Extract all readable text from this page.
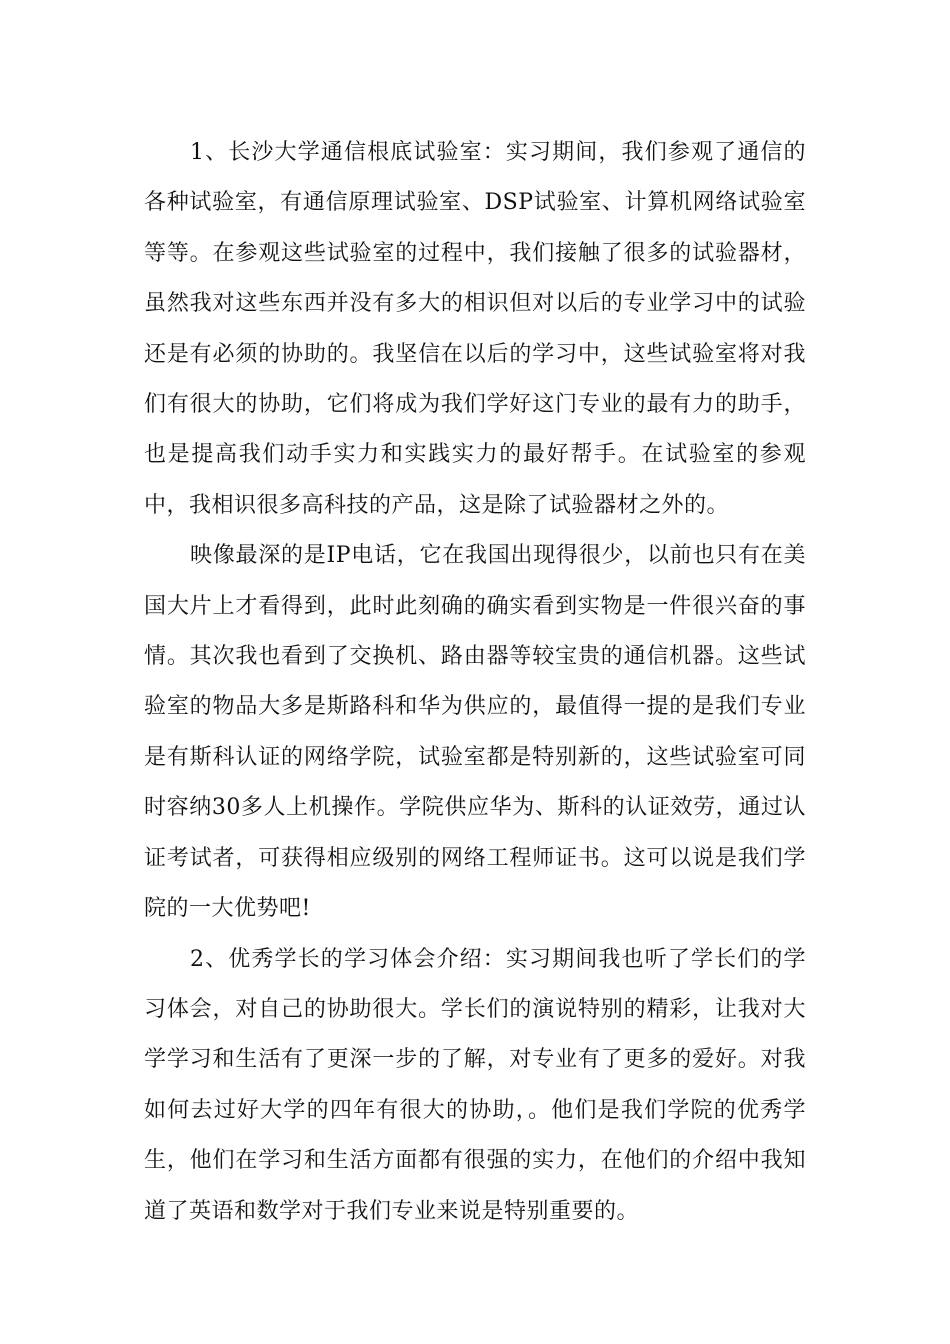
1、长沙大学通信根底试验室：实习期间，我们参观了通信的各种试验室，有通信原理试验室、DSP试验室、计算机网络试验室等等。在参观这些试验室的过程中，我们接触了很多的试验器材，虽然我对这些东西并没有多大的相识但对以后的专业学习中的试验还是有必须的协助的。我坚信在以后的学习中，这些试验室将对我们有很大的协助，它们将成为我们学好这门专业的最有力的助手，也是提高我们动手实力和实践实力的最好帮手。在试验室的参观中，我相识很多高科技的产品，这是除了试验器材之外的。

映像最深的是IP电话，它在我国出现得很少，以前也只有在美国大片上才看得到，此时此刻确的确实看到实物是一件很兴奋的事情。其次我也看到了交换机、路由器等较宝贵的通信机器。这些试验室的物品大多是斯路科和华为供应的，最值得一提的是我们专业是有斯科认证的网络学院，试验室都是特别新的，这些试验室可同时容纳30多人上机操作。学院供应华为、斯科的认证效劳，通过认证考试者，可获得相应级别的网络工程师证书。这可以说是我们学院的一大优势吧!

2、优秀学长的学习体会介绍：实习期间我也听了学长们的学习体会，对自己的协助很大。学长们的演说特别的精彩，让我对大学学习和生活有了更深一步的了解，对专业有了更多的爱好。对我如何去过好大学的四年有很大的协助，。他们是我们学院的优秀学生，他们在学习和生活方面都有很强的实力，在他们的介绍中我知道了英语和数学对于我们专业来说是特别重要的。
